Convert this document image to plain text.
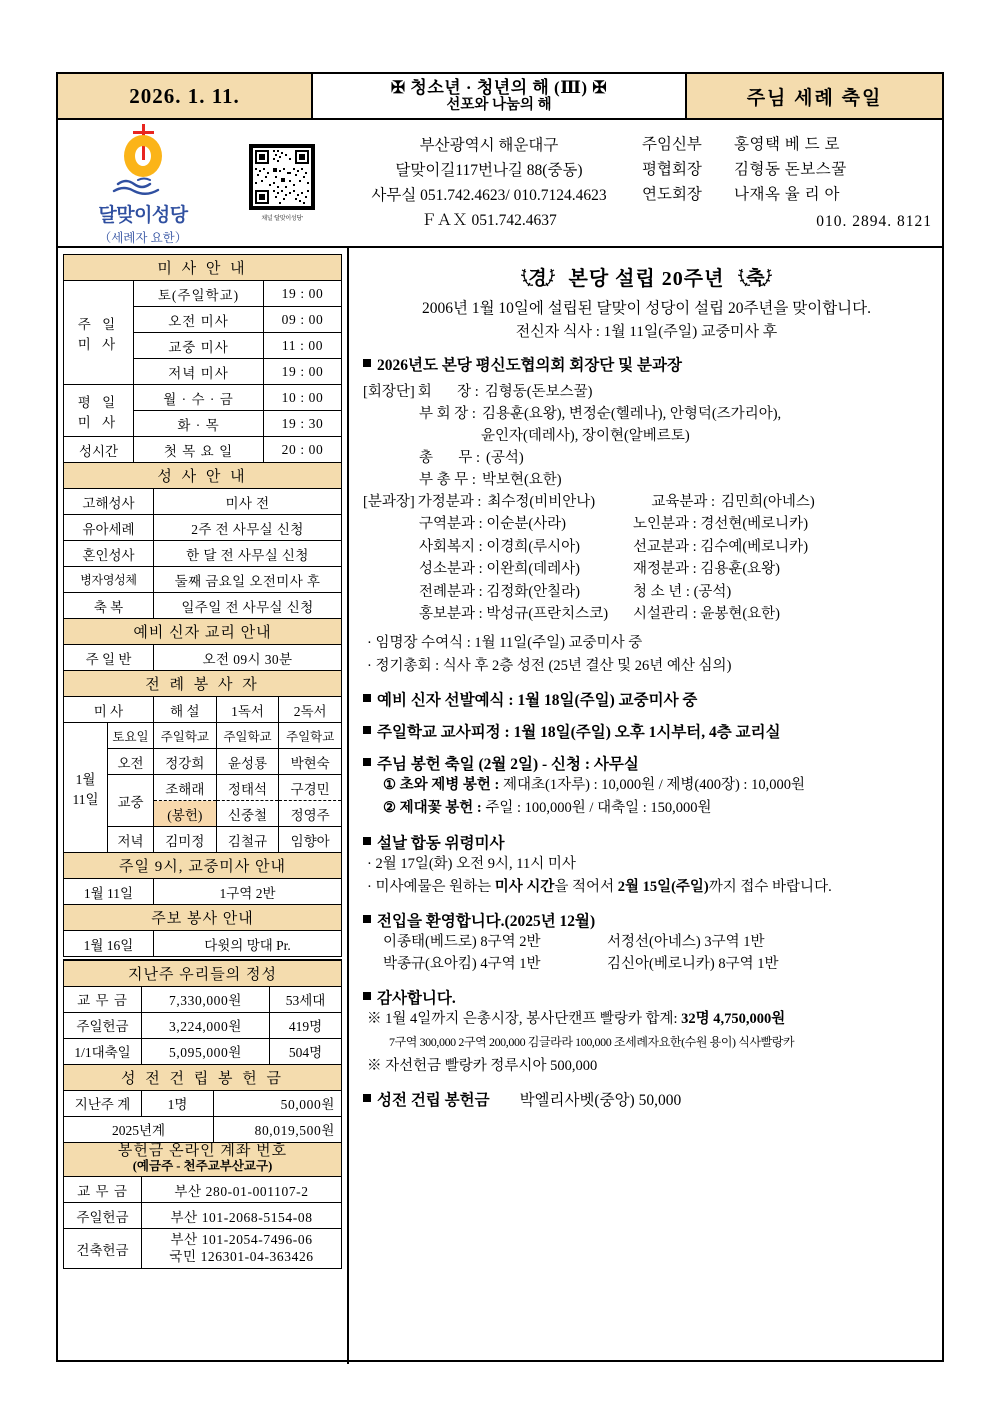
2026. 1. 11.	✠ 청소년 · 청년의 해 (Ⅲ) ✠
선포와 나눔의 해	주님 세례 축일
달맞이성당
（세례자 요한）
채널 '달맞이성당'
부산광역시 해운대구
달맞이길117번나길 88(중동)
사무실 051.742.4623/ 010.7124.4623
ＦＡＸ 051.742.4637
주임신부	홍영택 베 드 로
평협회장	김형동 돈보스꿀
연도회장	나재옥 율 리 아
010. 2894. 8121
미 사 안 내		
주 일
미 사	토(주일학교)	19 : 00
	오전 미사	09 : 00
	교중 미사	11 : 00
	저녁 미사	19 : 00
평 일
미 사	월 · 수 · 금	10 : 00
	화 · 목	19 : 30
성시간	첫 목 요 일	20 : 00
성 사 안 내	
고해성사	미사 전
유아세례	2주 전 사무실 신청
혼인성사	한 달 전 사무실 신청
병자영성체	둘째 금요일 오전미사 후
축 복	일주일 전 사무실 신청
예비 신자 교리 안내
주 일 반	오전 09시 30분
전 례 봉 사 자				
미 사		해 설	1독서	2독서
1월
11일	토요일	주일학교	주일학교	주일학교
	오전	정강희	윤성룡	박현숙
	교중	조해래	정태석	구경민
		(봉헌)	신중철	정영주
	저녁	김미정	김철규	임향아
주일 9시, 교중미사 안내
1월 11일	1구역 2반
주보 봉사 안내
1월 16일	다윗의 망대 Pr.
지난주 우리들의 정성		
교 무 금	7,330,000원	53세대
주일헌금	3,224,000원	419명
1/1대축일	5,095,000원	504명
성 전 건 립 봉 헌 금		
지난주 계	1명	50,000원
2025년계		80,019,500원
봉헌금 온라인 계좌 번호
(예금주 - 천주교부산교구)	
교 무 금	부산 280-01-001107-2
주일헌금	부산 101-2068-5154-08
건축헌금	부산 101-2054-7496-06
국민 126301-04-363426
경	본당 설립 20주년	축
2006년 1월 10일에 설립된 달맞이 성당이 설립 20주년을 맞이합니다.
전신자 식사 : 1월 11일(주일) 교중미사 후
2026년도 본당 평신도협의회 회장단 및 분과장
[회장단] 회       장 : 김형동(돈보스꿀)
부 회 장 : 김용훈(요왕), 변정순(헬레나), 안형덕(즈가리아),
윤인자(데레사), 장이현(알베르토)
총       무 : (공석)
부 총 무 : 박보현(요한)
[분과장] 가정분과 : 최수정(비비안나)	교육분과 : 김민희(아네스)
구역분과 : 이순분(사라)	노인분과 : 경선현(베로니카)
사회복지 : 이경희(루시아)	선교분과 : 김수예(베로니카)
성소분과 : 이완희(데레사)	재정분과 : 김용훈(요왕)
전례분과 : 김정화(안칠라)	청 소 년 : (공석)
홍보분과 : 박성규(프란치스코)	시설관리 : 윤봉현(요한)
· 임명장 수여식 : 1월 11일(주일) 교중미사 중
· 정기총회 : 식사 후 2층 성전 (25년 결산 및 26년 예산 심의)
예비 신자 선발예식 : 1월 18일(주일) 교중미사 중
주일학교 교사피정 : 1월 18일(주일) 오후 1시부터, 4층 교리실
주님 봉헌 축일 (2월 2일) - 신청 : 사무실
① 초와 제병 봉헌 : 제대초(1자루) : 10,000원 / 제병(400장) : 10,000원
② 제대꽃 봉헌 : 주일 : 100,000원 / 대축일 : 150,000원
설날 합동 위령미사
· 2월 17일(화) 오전 9시, 11시 미사
· 미사예물은 원하는 미사 시간을 적어서 2월 15일(주일)까지 접수 바랍니다.
전입을 환영합니다.(2025년 12월)
이종태(베드로) 8구역 2반	서정선(아네스) 3구역 1반
박종규(요아킴) 4구역 1반	김신아(베로니카) 8구역 1반
감사합니다.
※ 1월 4일까지 은총시장, 봉사단캔프 빨랑카 합계: 32명 4,750,000원
7구역 300,000 2구역 200,000 김글라라 100,000 조세례자요한(수원 용이) 식사빨랑카
※ 자선헌금 빨랑카 정루시아 500,000
성전 건립 봉헌금	박엘리사벳(중앙) 50,000
